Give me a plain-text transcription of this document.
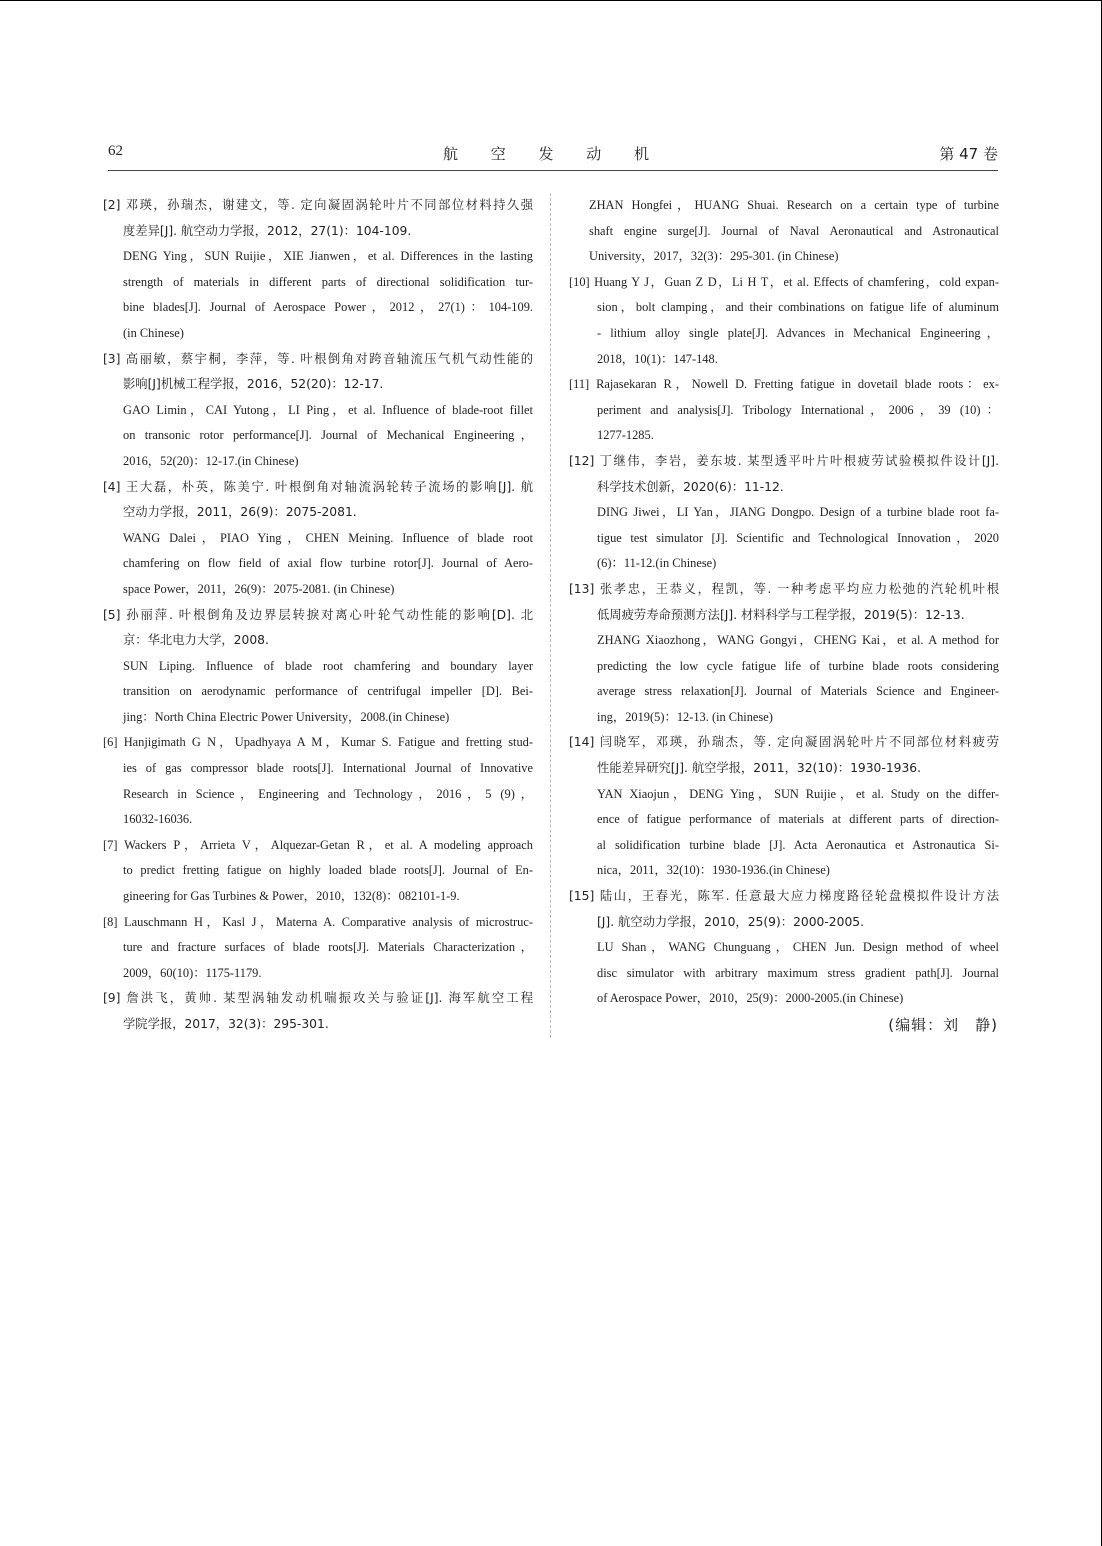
62	航 空 发 动 机	第 47 卷
[2] 邓瑛，孙瑞杰，谢建文，等. 定向凝固涡轮叶片不同部位材料持久强
度差异[J]. 航空动力学报，2012，27(1)：104-109.
DENG Ying，SUN Ruijie，XIE Jianwen，et al. Differences in the lasting
strength of materials in different parts of directional solidification tur-
bine blades[J]. Journal of Aerospace Power，2012，27(1)：104-109.
(in Chinese)
[3] 高丽敏，蔡宇桐，李萍，等. 叶根倒角对跨音轴流压气机气动性能的
影响[J]机械工程学报，2016，52(20)：12-17.
GAO Limin，CAI Yutong，LI Ping，et al. Influence of blade-root fillet
on transonic rotor performance[J]. Journal of Mechanical Engineering，
2016，52(20)：12-17.(in Chinese)
[4] 王大磊，朴英，陈美宁. 叶根倒角对轴流涡轮转子流场的影响[J]. 航
空动力学报，2011，26(9)：2075-2081.
WANG Dalei，PIAO Ying，CHEN Meining. Influence of blade root
chamfering on flow field of axial flow turbine rotor[J]. Journal of Aero-
space Power，2011，26(9)：2075-2081. (in Chinese)
[5] 孙丽萍. 叶根倒角及边界层转捩对离心叶轮气动性能的影响[D]. 北
京：华北电力大学，2008.
SUN Liping. Influence of blade root chamfering and boundary layer
transition on aerodynamic performance of centrifugal impeller [D]. Bei-
jing：North China Electric Power University，2008.(in Chinese)
[6] Hanjigimath G N，Upadhyaya A M，Kumar S. Fatigue and fretting stud-
ies of gas compressor blade roots[J]. International Journal of Innovative
Research in Science，Engineering and Technology，2016，5 (9)，
16032-16036.
[7] Wackers P，Arrieta V，Alquezar-Getan R，et al. A modeling approach
to predict fretting fatigue on highly loaded blade roots[J]. Journal of En-
gineering for Gas Turbines & Power，2010，132(8)：082101-1-9.
[8] Lauschmann H，Kasl J，Materna A. Comparative analysis of microstruc-
ture and fracture surfaces of blade roots[J]. Materials Characterization，
2009，60(10)：1175-1179.
[9] 詹洪飞，黄帅. 某型涡轴发动机喘振攻关与验证[J]. 海军航空工程
学院学报，2017，32(3)：295-301.
ZHAN Hongfei，HUANG Shuai. Research on a certain type of turbine
shaft engine surge[J]. Journal of Naval Aeronautical and Astronautical
University，2017，32(3)：295-301. (in Chinese)
[10] Huang Y J，Guan Z D，Li H T，et al. Effects of chamfering，cold expan-
sion，bolt clamping，and their combinations on fatigue life of aluminum
- lithium alloy single plate[J]. Advances in Mechanical Engineering，
2018，10(1)：147-148.
[11] Rajasekaran R，Nowell D. Fretting fatigue in dovetail blade roots：ex-
periment and analysis[J]. Tribology International，2006，39 (10)：
1277-1285.
[12] 丁继伟，李岩，姜东坡. 某型透平叶片叶根疲劳试验模拟件设计[J].
科学技术创新，2020(6)：11-12.
DING Jiwei，LI Yan，JIANG Dongpo. Design of a turbine blade root fa-
tigue test simulator [J]. Scientific and Technological Innovation，2020
(6)：11-12.(in Chinese)
[13] 张孝忠，王恭义，程凯，等. 一种考虑平均应力松弛的汽轮机叶根
低周疲劳寿命预测方法[J]. 材料科学与工程学报，2019(5)：12-13.
ZHANG Xiaozhong，WANG Gongyi，CHENG Kai，et al. A method for
predicting the low cycle fatigue life of turbine blade roots considering
average stress relaxation[J]. Journal of Materials Science and Engineer-
ing，2019(5)：12-13. (in Chinese)
[14] 闫晓军，邓瑛，孙瑞杰，等. 定向凝固涡轮叶片不同部位材料疲劳
性能差异研究[J]. 航空学报，2011，32(10)：1930-1936.
YAN Xiaojun，DENG Ying，SUN Ruijie，et al. Study on the differ-
ence of fatigue performance of materials at different parts of direction-
al solidification turbine blade [J]. Acta Aeronautica et Astronautica Si-
nica，2011，32(10)：1930-1936.(in Chinese)
[15] 陆山，王春光，陈军. 任意最大应力梯度路径轮盘模拟件设计方法
[J]. 航空动力学报，2010，25(9)：2000-2005.
LU Shan，WANG Chunguang，CHEN Jun. Design method of wheel
disc simulator with arbitrary maximum stress gradient path[J]. Journal
of Aerospace Power，2010，25(9)：2000-2005.(in Chinese)
(编辑：刘　静)
